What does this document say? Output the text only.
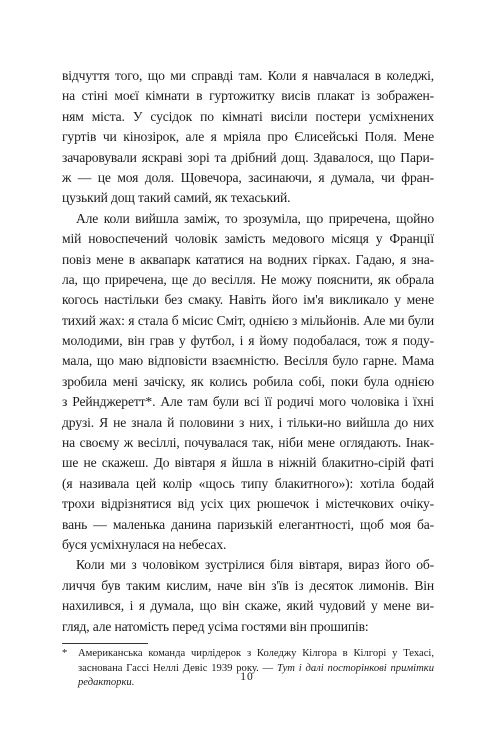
відчуття того, що ми справді там. Коли я навчалася в коледжі,
на стіні моєї кімнати в гуртожитку висів плакат із зображен-
ням міста. У сусідок по кімнаті висіли постери усміхнених
гуртів чи кінозірок, але я мріяла про Єлисейські Поля. Мене
зачаровували яскраві зорі та дрібний дощ. Здавалося, що Пари-
ж — це моя доля. Щовечора, засинаючи, я думала, чи фран-
цузький дощ такий самий, як техаський.
Але коли вийшла заміж, то зрозуміла, що приречена, щойно
мій новоспечений чоловік замість медового місяця у Франції
повіз мене в аквапарк кататися на водних гірках. Гадаю, я зна-
ла, що приречена, ще до весілля. Не можу пояснити, як обрала
когось настільки без смаку. Навіть його ім'я викликало у мене
тихий жах: я стала б місис Сміт, однією з мільйонів. Але ми були
молодими, він грав у футбол, і я йому подобалася, тож я поду-
мала, що маю відповісти взаємністю. Весілля було гарне. Мама
зробила мені зачіску, як колись робила собі, поки була однією
з Рейнджеретт*. Але там були всі її родичі мого чоловіка і їхні
друзі. Я не знала й половини з них, і тільки-но вийшла до них
на своєму ж весіллі, почувалася так, ніби мене оглядають. Інак-
ше не скажеш. До вівтаря я йшла в ніжній блакитно-сірій фаті
(я називала цей колір «щось типу блакитного»): хотіла бодай
трохи відрізнятися від усіх цих рюшечок і містечкових очіку-
вань — маленька данина паризькій елегантності, щоб моя ба-
буся усміхнулася на небесах.
Коли ми з чоловіком зустрілися біля вівтаря, вираз його об-
личчя був таким кислим, наче він з'їв із десяток лимонів. Він
нахилився, і я думала, що він скаже, який чудовий у мене ви-
гляд, але натомість перед усіма гостями він прошипів:
* Американська команда чирлідерок з Коледжу Кілгора в Кілгорі у Техасі,
заснована Гассі Неллі Девіс 1939 року. — Тут і далі посторінкові примітки
редакторки.	10
